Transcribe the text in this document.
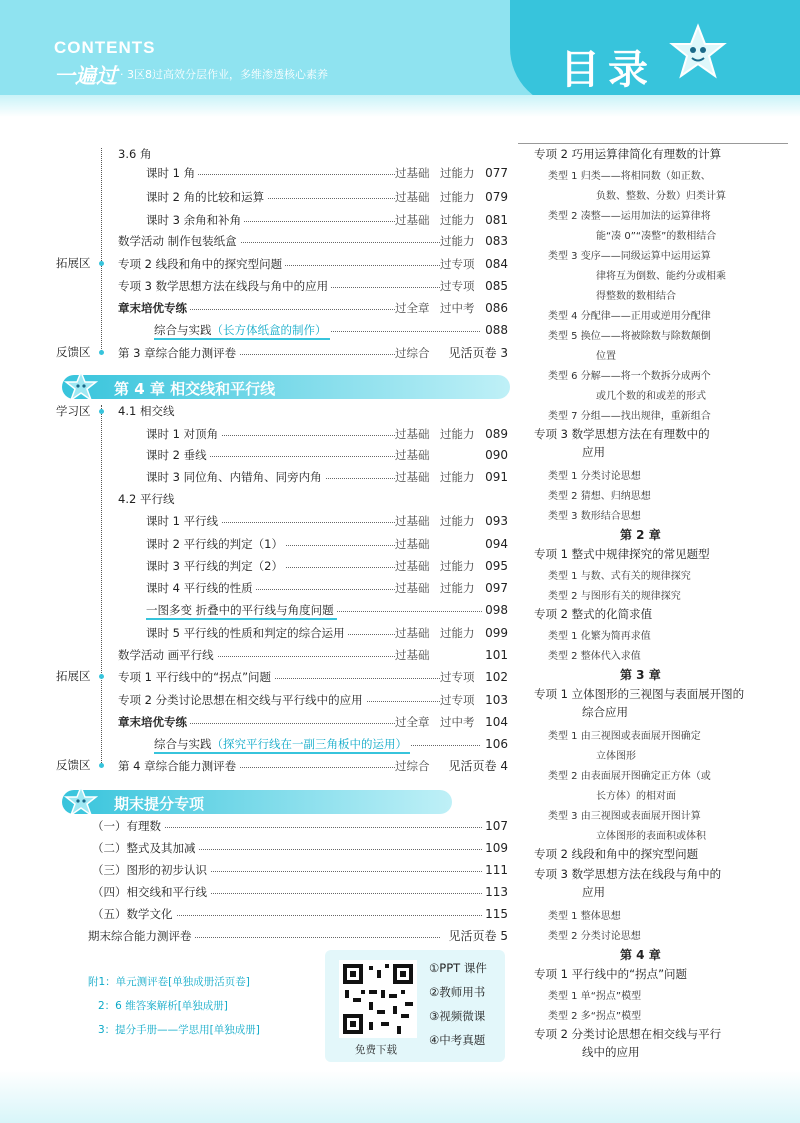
CONTENTS
一遍过 · 3区8过高效分层作业，多维渗透核心素养	目录
拓展区
反馈区
学习区
拓展区
反馈区
3.6 角
课时 1 角	过基础 过能力 077
课时 2 角的比较和运算	过基础 过能力 079
课时 3 余角和补角	过基础 过能力 081
数学活动 制作包装纸盒	过能力 083
专项 2 线段和角中的探究型问题	过专项 084
专项 3 数学思想方法在线段与角中的应用	过专项 085
章末培优专练	过全章 过中考 086
综合与实践（长方体纸盒的制作）	088
第 3 章综合能力测评卷	过综合 见活页卷 3
第 4 章 相交线和平行线
4.1 相交线
课时 1 对顶角	过基础 过能力 089
课时 2 垂线	过基础	090
课时 3 同位角、内错角、同旁内角	过基础 过能力 091
4.2 平行线
课时 1 平行线	过基础 过能力 093
课时 2 平行线的判定（1）	过基础	094
课时 3 平行线的判定（2）	过基础 过能力 095
课时 4 平行线的性质	过基础 过能力 097
一图多变 折叠中的平行线与角度问题	098
课时 5 平行线的性质和判定的综合运用	过基础 过能力 099
数学活动 画平行线	过基础	101
专项 1 平行线中的“拐点”问题	过专项 102
专项 2 分类讨论思想在相交线与平行线中的应用	过专项 103
章末培优专练	过全章 过中考 104
综合与实践（探究平行线在一副三角板中的运用）	106
第 4 章综合能力测评卷	过综合 见活页卷 4
期末提分专项
（一）有理数	107
（二）整式及其加减	109
（三）图形的初步认识	111
（四）相交线和平行线	113
（五）数学文化	115
期末综合能力测评卷	见活页卷 5
附1：单元测评卷[单独成册活页卷]
2：6 维答案解析[单独成册]
3：提分手册——学思用[单独成册]
专项 2 巧用运算律简化有理数的计算
类型 1 归类——将相同数（如正数、
负数、整数、分数）归类计算
类型 2 凑整——运用加法的运算律将
能“凑 0”“凑整”的数相结合
类型 3 变序——同级运算中运用运算
律将互为倒数、能约分或相乘
得整数的数相结合
类型 4 分配律——正用或逆用分配律
类型 5 换位——将被除数与除数颠倒
位置
类型 6 分解——将一个数拆分成两个
或几个数的和或差的形式
类型 7 分组——找出规律，重新组合
专项 3 数学思想方法在有理数中的
应用
类型 1 分类讨论思想
类型 2 猜想、归纳思想
类型 3 数形结合思想
第 2 章
专项 1 整式中规律探究的常见题型
类型 1 与数、式有关的规律探究
类型 2 与图形有关的规律探究
专项 2 整式的化简求值
类型 1 化繁为简再求值
类型 2 整体代入求值
第 3 章
专项 1 立体图形的三视图与表面展开图的
综合应用
类型 1 由三视图或表面展开图确定
立体图形
类型 2 由表面展开图确定正方体（或
长方体）的相对面
类型 3 由三视图或表面展开图计算
立体图形的表面积或体积
专项 2 线段和角中的探究型问题
专项 3 数学思想方法在线段与角中的
应用
类型 1 整体思想
类型 2 分类讨论思想
第 4 章
专项 1 平行线中的“拐点”问题
类型 1 单“拐点”模型
类型 2 多“拐点”模型
专项 2 分类讨论思想在相交线与平行
线中的应用
①PPT 课件
②教师用书
③视频微课
④中考真题
免费下载
